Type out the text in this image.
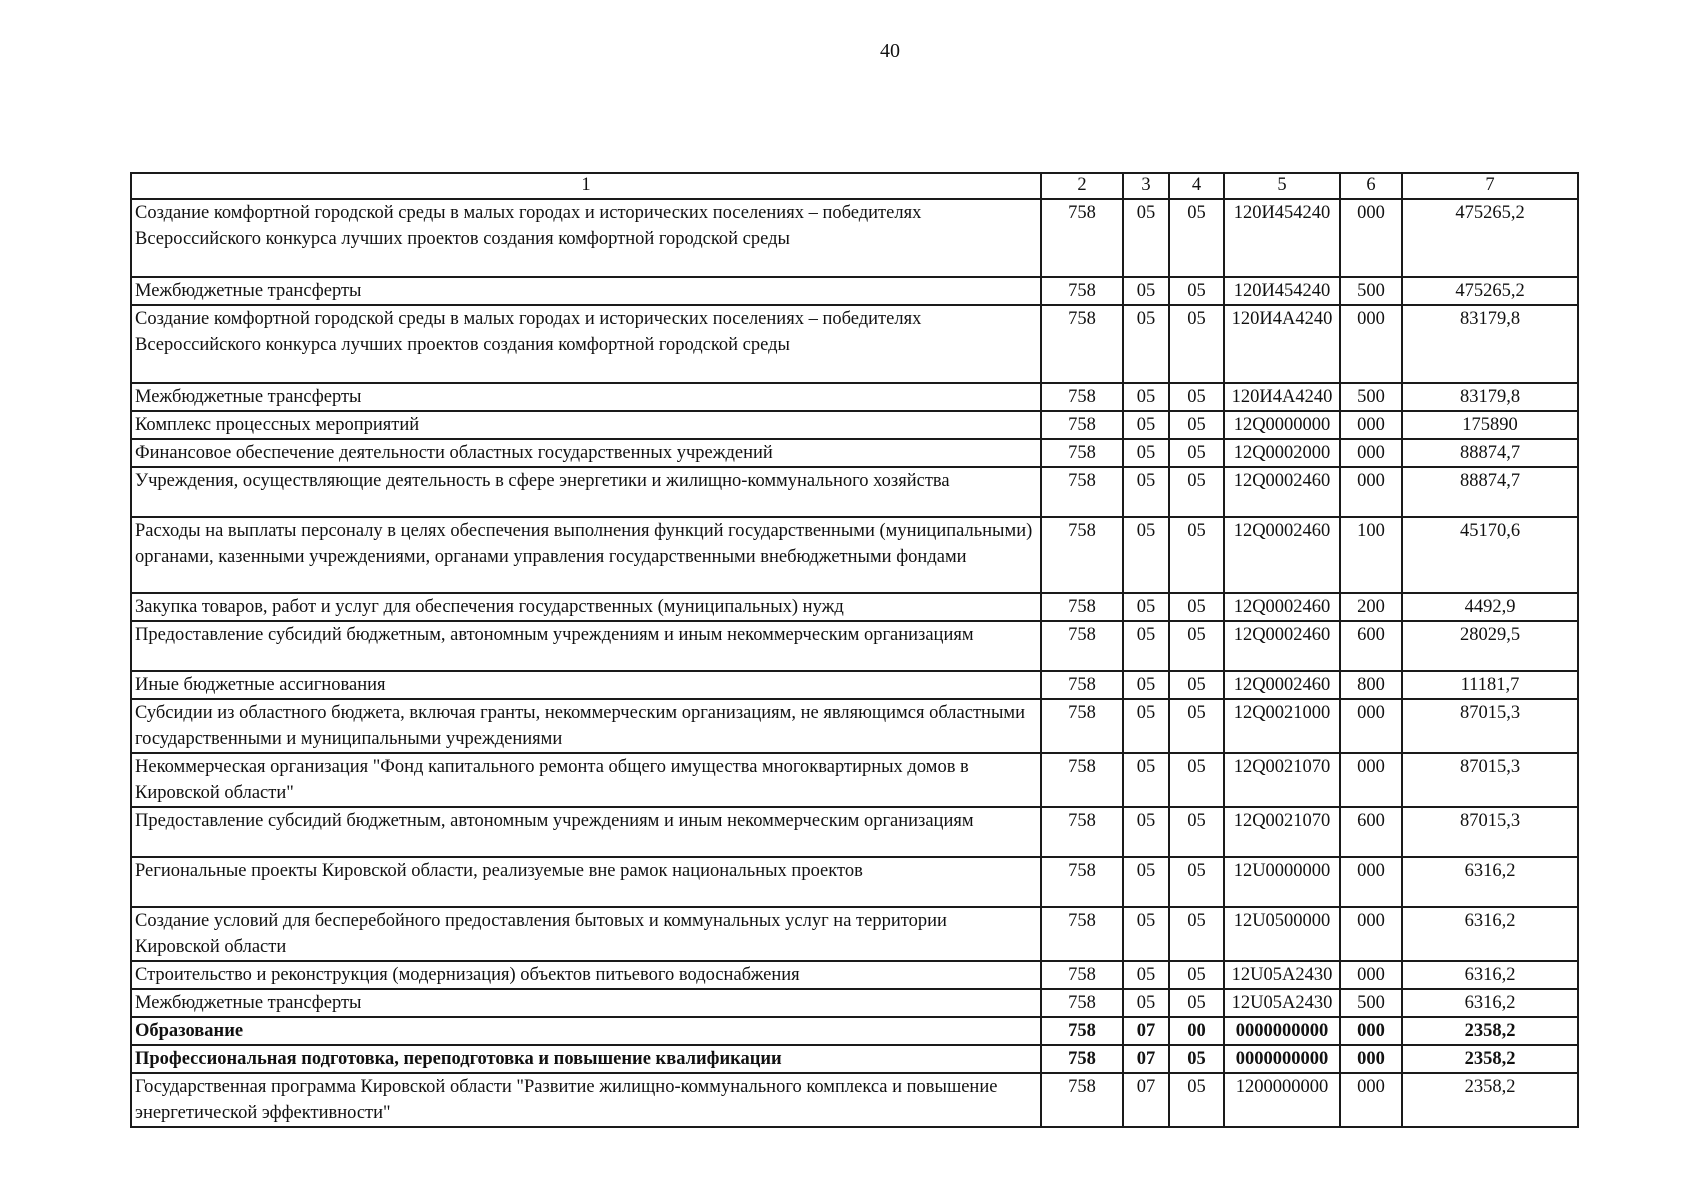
40
1	2	3	4	5	6	7
Создание комфортной городской среды в малых городах и исторических поселениях – победителях Всероссийского конкурса лучших проектов создания комфортной городской среды	758	05	05	120И454240	000	475265,2
Межбюджетные трансферты	758	05	05	120И454240	500	475265,2
Создание комфортной городской среды в малых городах и исторических поселениях – победителях Всероссийского конкурса лучших проектов создания комфортной городской среды	758	05	05	120И4А4240	000	83179,8
Межбюджетные трансферты	758	05	05	120И4А4240	500	83179,8
Комплекс процессных мероприятий	758	05	05	12Q0000000	000	175890
Финансовое обеспечение деятельности областных государственных учреждений	758	05	05	12Q0002000	000	88874,7
Учреждения, осуществляющие деятельность в сфере энергетики и жилищно-коммунального хозяйства	758	05	05	12Q0002460	000	88874,7
Расходы на выплаты персоналу в целях обеспечения выполнения функций государственными (муниципальными) органами, казенными учреждениями, органами управления государственными внебюджетными фондами	758	05	05	12Q0002460	100	45170,6
Закупка товаров, работ и услуг для обеспечения государственных (муниципальных) нужд	758	05	05	12Q0002460	200	4492,9
Предоставление субсидий бюджетным, автономным учреждениям и иным некоммерческим организациям	758	05	05	12Q0002460	600	28029,5
Иные бюджетные ассигнования	758	05	05	12Q0002460	800	11181,7
Субсидии из областного бюджета, включая гранты, некоммерческим организациям, не являющимся областными государственными и муниципальными учреждениями	758	05	05	12Q0021000	000	87015,3
Некоммерческая организация "Фонд капитального ремонта общего имущества многоквартирных домов в Кировской области"	758	05	05	12Q0021070	000	87015,3
Предоставление субсидий бюджетным, автономным учреждениям и иным некоммерческим организациям	758	05	05	12Q0021070	600	87015,3
Региональные проекты Кировской области, реализуемые вне рамок национальных проектов	758	05	05	12U0000000	000	6316,2
Создание условий для бесперебойного предоставления бытовых и коммунальных услуг на территории Кировской области	758	05	05	12U0500000	000	6316,2
Строительство и реконструкция (модернизация) объектов питьевого водоснабжения	758	05	05	12U05A2430	000	6316,2
Межбюджетные трансферты	758	05	05	12U05A2430	500	6316,2
Образование	758	07	00	0000000000	000	2358,2
Профессиональная подготовка, переподготовка и повышение квалификации	758	07	05	0000000000	000	2358,2
Государственная программа Кировской области "Развитие жилищно-коммунального комплекса и повышение энергетической эффективности"	758	07	05	1200000000	000	2358,2
